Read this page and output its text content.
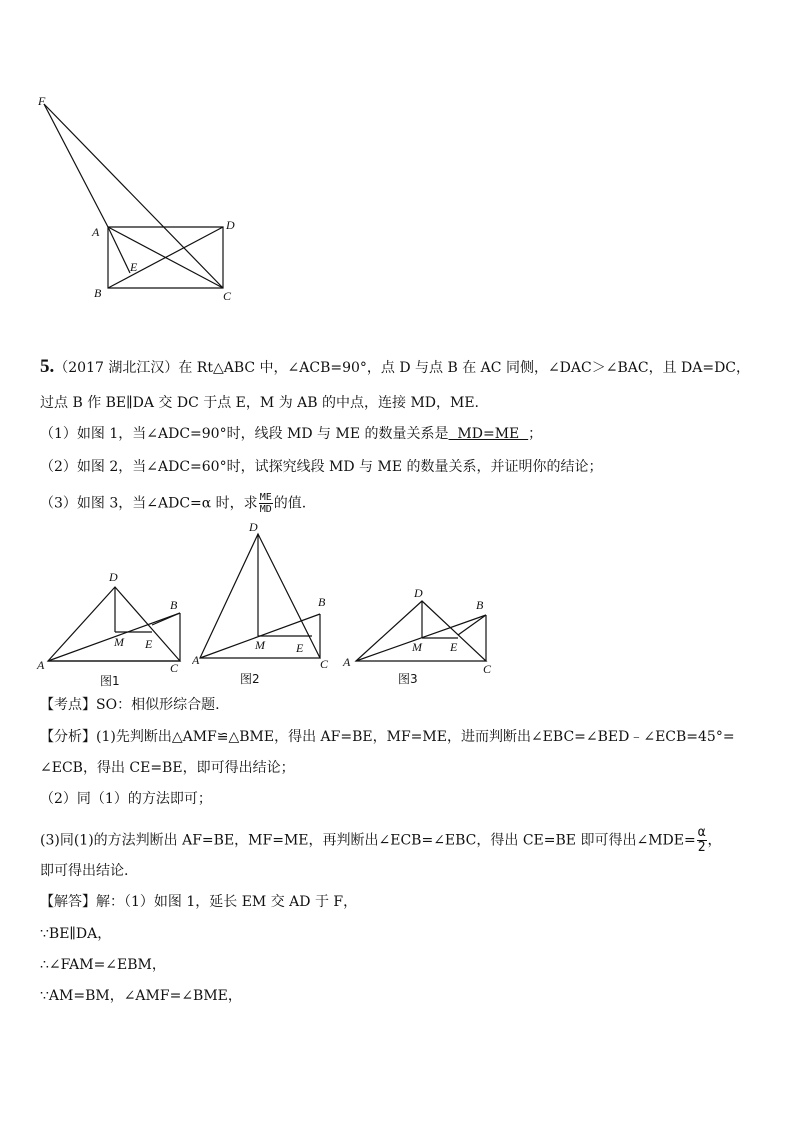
F
A	D
E
B	C
5.（2017 湖北江汉）在 Rt△ABC 中，∠ACB=90°，点 D 与点 B 在 AC 同侧，∠DAC＞∠BAC，且 DA=DC，
过点 B 作 BE∥DA 交 DC 于点 E，M 为 AB 的中点，连接 MD，ME.
（1）如图 1，当∠ADC=90°时，线段 MD 与 ME 的数量关系是  MD=ME  ；
（2）如图 2，当∠ADC=60°时，试探究线段 MD 与 ME 的数量关系，并证明你的结论；
（3）如图 3，当∠ADC=α 时，求 $\frac{ME}{MD}$ 的值.
D
B
M E
A	C
图1
D
B
M	E
A	C
图2
D
B
M E
A	C
图3
【考点】SO：相似形综合题.
【分析】(1)先判断出△AMF≌△BME，得出 AF=BE，MF=ME，进而判断出∠EBC=∠BED﹣∠ECB=45°=
∠ECB，得出 CE=BE，即可得出结论；
（2）同（1）的方法即可；
(3)同(1)的方法判断出 AF=BE，MF=ME，再判断出∠ECB=∠EBC，得出 CE=BE 即可得出∠MDE= $\frac{\alpha}{2}$ ，
即可得出结论.
【解答】解：（1）如图 1，延长 EM 交 AD 于 F，
∵BE∥DA，
∴∠FAM=∠EBM，
∵AM=BM，∠AMF=∠BME，
